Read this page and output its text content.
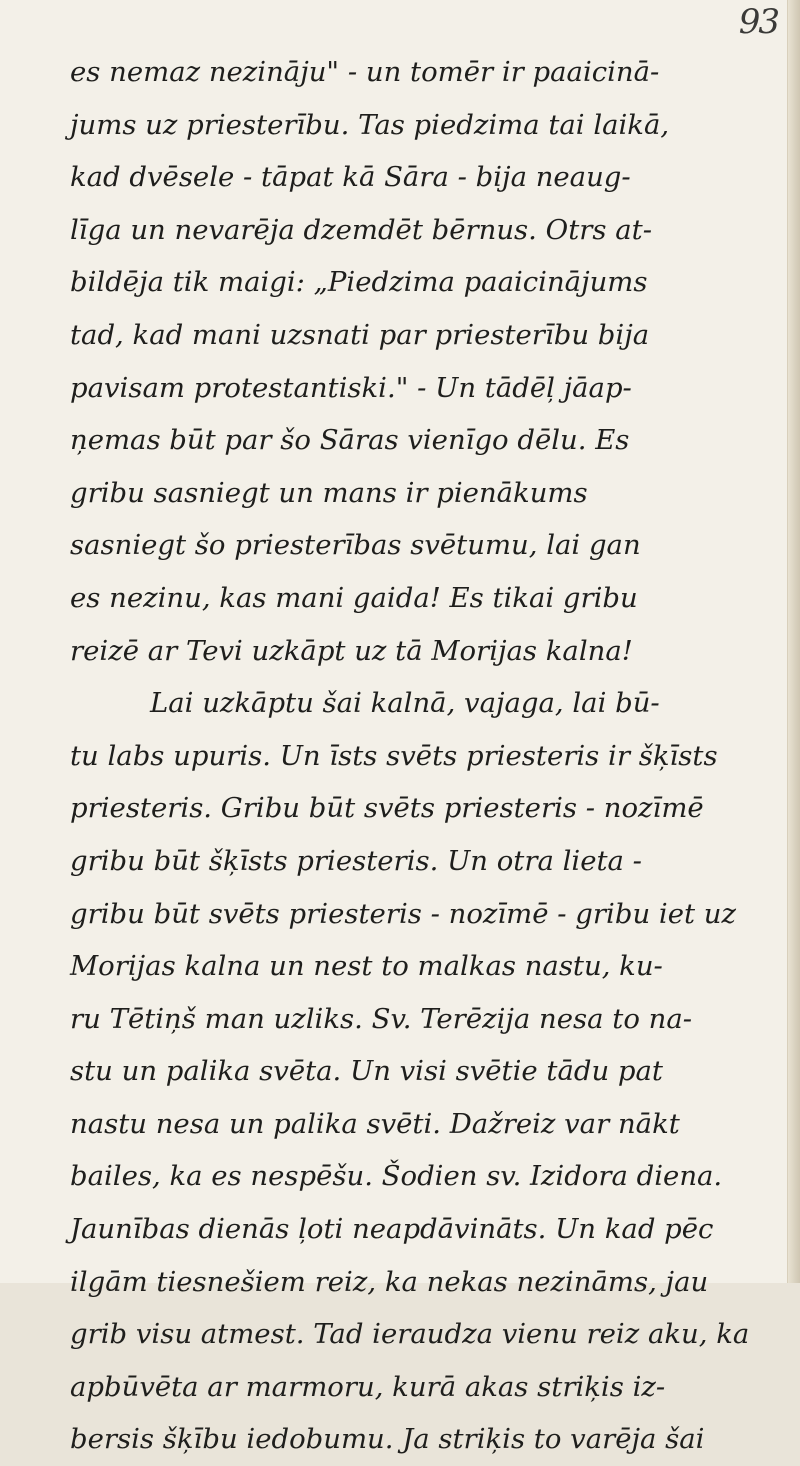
93
es nemaz nezināju" - un tomēr ir paaicinā-
jums uz priesterību. Tas piedzima tai laikā,
kad dvēsele - tāpat kā Sāra - bija neaug-
līga un nevarēja dzemdēt bērnus. Otrs at-
bildēja tik maigi: „Piedzima paaicinājums
tad, kad mani uzsnati par priesterību bija
pavisam protestantiski." - Un tādēļ jāap-
ņemas būt par šo Sāras vienīgo dēlu. Es
gribu sasniegt un mans ir pienākums
sasniegt šo priesterības svētumu, lai gan
es nezinu, kas mani gaida! Es tikai gribu
reizē ar Tevi uzkāpt uz tā Morijas kalna!
Lai uzkāptu šai kalnā, vajaga, lai bū-
tu labs upuris. Un īsts svēts priesteris ir šķīsts
priesteris. Gribu būt svēts priesteris - nozīmē
gribu būt šķīsts priesteris. Un otra lieta -
gribu būt svēts priesteris - nozīmē - gribu iet uz
Morijas kalna un nest to malkas nastu, ku-
ru Tētiņš man uzliks. Sv. Terēzija nesa to na-
stu un palika svēta. Un visi svētie tādu pat
nastu nesa un palika svēti. Dažreiz var nākt
bailes, ka es nespēšu. Šodien sv. Izidora diena.
Jaunības dienās ļoti neapdāvināts. Un kad pēc
ilgām tiesnešiem reiz, ka nekas nezināms, jau
grib visu atmest. Tad ieraudza vienu reiz aku, ka
apbūvēta ar marmoru, kurā akas striķis iz-
bersis šķību iedobumu. Ja striķis to varēja šai
